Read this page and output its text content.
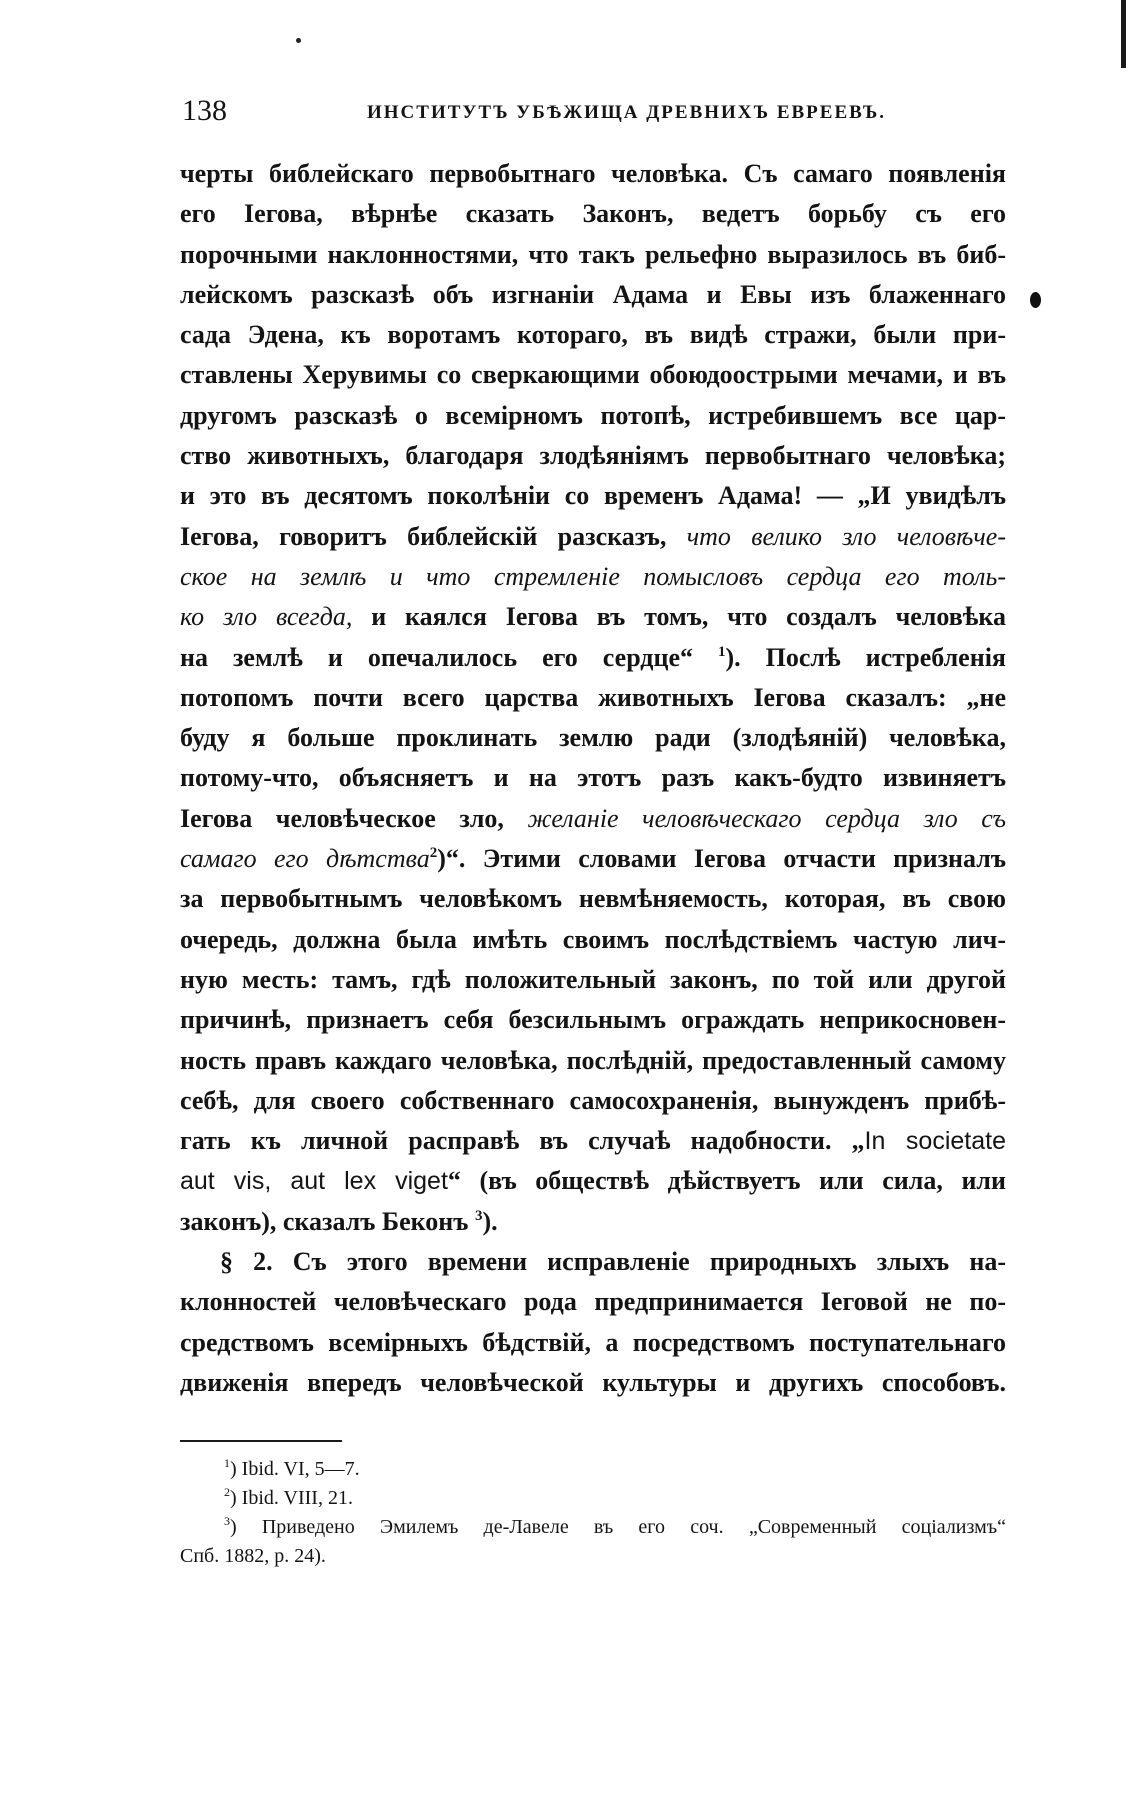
138	ИНСТИТУТЪ УБѢЖИЩА ДРЕВНИХЪ ЕВРЕЕВЪ.
черты библейскаго первобытнаго человѣка. Съ самаго появленія
его Іегова, вѣрнѣе сказать Законъ, ведетъ борьбу съ его
порочными наклонностями, что такъ рельефно выразилось въ биб-
лейскомъ разсказѣ объ изгнаніи Адама и Евы изъ блаженнаго
сада Эдена, къ воротамъ котораго, въ видѣ стражи, были при-
ставлены Херувимы со сверкающими обоюдоострыми мечами, и въ
другомъ разсказѣ о всемірномъ потопѣ, истребившемъ все цар-
ство животныхъ, благодаря злодѣяніямъ первобытнаго человѣка;
и это въ десятомъ поколѣніи со временъ Адама! — „И увидѣлъ
Іегова, говоритъ библейскій разсказъ, что велико зло человѣче-
ское на землѣ и что стремленіе помысловъ сердца его толь-
ко зло всегда, и каялся Іегова въ томъ, что создалъ человѣка
на землѣ и опечалилось его сердце“ $^1$). Послѣ истребленія
потопомъ почти всего царства животныхъ Іегова сказалъ: „не
буду я больше проклинать землю ради (злодѣяній) человѣка,
потому-что, объясняетъ и на этотъ разъ какъ-будто извиняетъ
Іегова человѣческое зло, желаніе человѣческаго сердца зло съ
самаго его дѣтства$^2$)“. Этими словами Іегова отчасти призналъ
за первобытнымъ человѣкомъ невмѣняемость, которая, въ свою
очередь, должна была имѣть своимъ послѣдствіемъ частую лич-
ную месть: тамъ, гдѣ положительный законъ, по той или другой
причинѣ, признаетъ себя безсильнымъ ограждать неприкосновен-
ность правъ каждаго человѣка, послѣдній, предоставленный самому
себѣ, для своего собственнаго самосохраненія, вынужденъ прибѣ-
гать къ личной расправѣ въ случаѣ надобности. „In societate
aut vis, aut lex viget“ (въ обществѣ дѣйствуетъ или сила, или
законъ), сказалъ Беконъ $^3$).
§ 2. Съ этого времени исправленіе природныхъ злыхъ на-
клонностей человѣческаго рода предпринимается Іеговой не по-
средствомъ всемірныхъ бѣдствій, а посредствомъ поступательнаго
движенія впередъ человѣческой культуры и другихъ способовъ.
$^1$) Ibid. VI, 5—7.
$^2$) Ibid. VIII, 21.
$^3$) Приведено Эмилемъ де-Лавеле въ его соч. „Современный соціализмъ“
Спб. 1882, p. 24).
